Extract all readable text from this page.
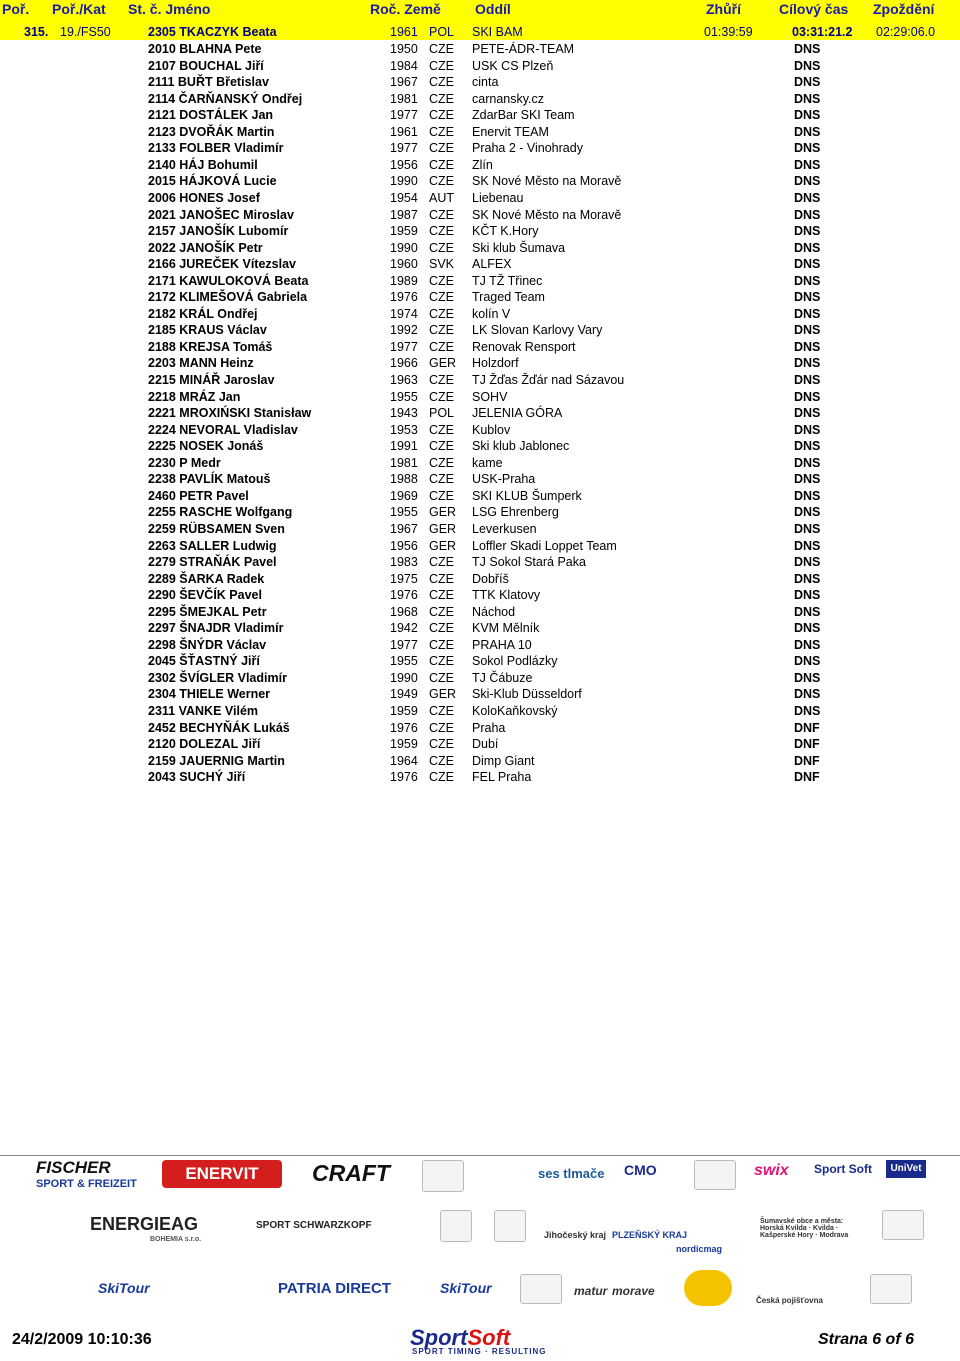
Poř. Poř./Kat St. č. Jméno	Roč. Země Oddíl	Zhůří	Cílový čas Zpoždění
315. 19./FS50	2305 TKACZYK Beata	1961 POL SKI BAM	01:39:59	03:31:21.2 02:29:06.0
2010 BLAHNA Pete	1950 CZE PETE-ÁDR-TEAM	DNS
2107 BOUCHAL Jiří	1984 CZE USK CS Plzeň	DNS
2111 BUŘT Břetislav	1967 CZE cinta	DNS
2114 ČARŇANSKÝ Ondřej	1981 CZE carnansky.cz	DNS
2121 DOSTÁLEK Jan	1977 CZE ZdarBar SKI Team	DNS
2123 DVOŘÁK Martin	1961 CZE Enervit TEAM	DNS
2133 FOLBER Vladimír	1977 CZE Praha 2 - Vinohrady	DNS
2140 HÁJ Bohumil	1956 CZE Zlín	DNS
2015 HÁJKOVÁ Lucie	1990 CZE SK Nové Město na Moravě	DNS
2006 HONES Josef	1954 AUT Liebenau	DNS
2021 JANOŠEC Miroslav	1987 CZE SK Nové Město na Moravě	DNS
2157 JANOŠÍK Lubomír	1959 CZE KČT K.Hory	DNS
2022 JANOŠÍK Petr	1990 CZE Ski klub Šumava	DNS
2166 JUREČEK Vítezslav	1960 SVK ALFEX	DNS
2171 KAWULOKOVÁ Beata	1989 CZE TJ TŽ Třinec	DNS
2172 KLIMEŠOVÁ Gabriela	1976 CZE Traged Team	DNS
2182 KRÁL Ondřej	1974 CZE kolín V	DNS
2185 KRAUS Václav	1992 CZE LK Slovan Karlovy Vary	DNS
2188 KREJSA Tomáš	1977 CZE Renovak Rensport	DNS
2203 MANN Heinz	1966 GER Holzdorf	DNS
2215 MINÁŘ Jaroslav	1963 CZE TJ Žďas Žďár nad Sázavou	DNS
2218 MRÁZ Jan	1955 CZE SOHV	DNS
2221 MROXIŃSKI Stanisław	1943 POL JELENIA GÓRA	DNS
2224 NEVORAL Vladislav	1953 CZE Kublov	DNS
2225 NOSEK Jonáš	1991 CZE Ski klub Jablonec	DNS
2230 P Medr	1981 CZE kame	DNS
2238 PAVLÍK Matouš	1988 CZE USK-Praha	DNS
2460 PETR Pavel	1969 CZE SKI KLUB Šumperk	DNS
2255 RASCHE Wolfgang	1955 GER LSG Ehrenberg	DNS
2259 RÜBSAMEN Sven	1967 GER Leverkusen	DNS
2263 SALLER Ludwig	1956 GER Loffler Skadi Loppet Team	DNS
2279 STRAŇÁK Pavel	1983 CZE TJ Sokol Stará Paka	DNS
2289 ŠARKA Radek	1975 CZE Dobříš	DNS
2290 ŠEVČÍK Pavel	1976 CZE TTK Klatovy	DNS
2295 ŠMEJKAL Petr	1968 CZE Náchod	DNS
2297 ŠNAJDR Vladimír	1942 CZE KVM Mělník	DNS
2298 ŠNÝDR Václav	1977 CZE PRAHA 10	DNS
2045 ŠŤASTNÝ Jiří	1955 CZE Sokol Podlázky	DNS
2302 ŠVÍGLER Vladimír	1990 CZE TJ Čábuze	DNS
2304 THIELE Werner	1949 GER Ski-Klub Düsseldorf	DNS
2311 VANKE Vilém	1959 CZE KoloKaňkovský	DNS
2452 BECHYŇÁK Lukáš	1976 CZE Praha	DNF
2120 DOLEZAL Jiří	1959 CZE Dubí	DNF
2159 JAUERNIG Martin	1964 CZE Dimp Giant	DNF
2043 SUCHÝ Jiří	1976 CZE FEL Praha	DNF
FISCHER
SPORT & FREIZEIT
ENERVIT	CRAFT	ses tlmače CMO	swix Sport Soft	UniVet
ENERGIEAG
BOHEMIA s.r.o.
SPORT SCHWARZKOPF
Jihočeský kraj PLZEŇSKÝ KRAJ
nordicmag
Šumavské obce a města: Horská Kvilda · Kvilda · Kašperské Hory · Modrava
SkiTour	PATRIA DIRECT	SkiTour	matur morave
Česká pojišťovna
24/2/2009 10:10:36	SportSoft
SPORT TIMING · RESULTING
Strana 6 of 6
